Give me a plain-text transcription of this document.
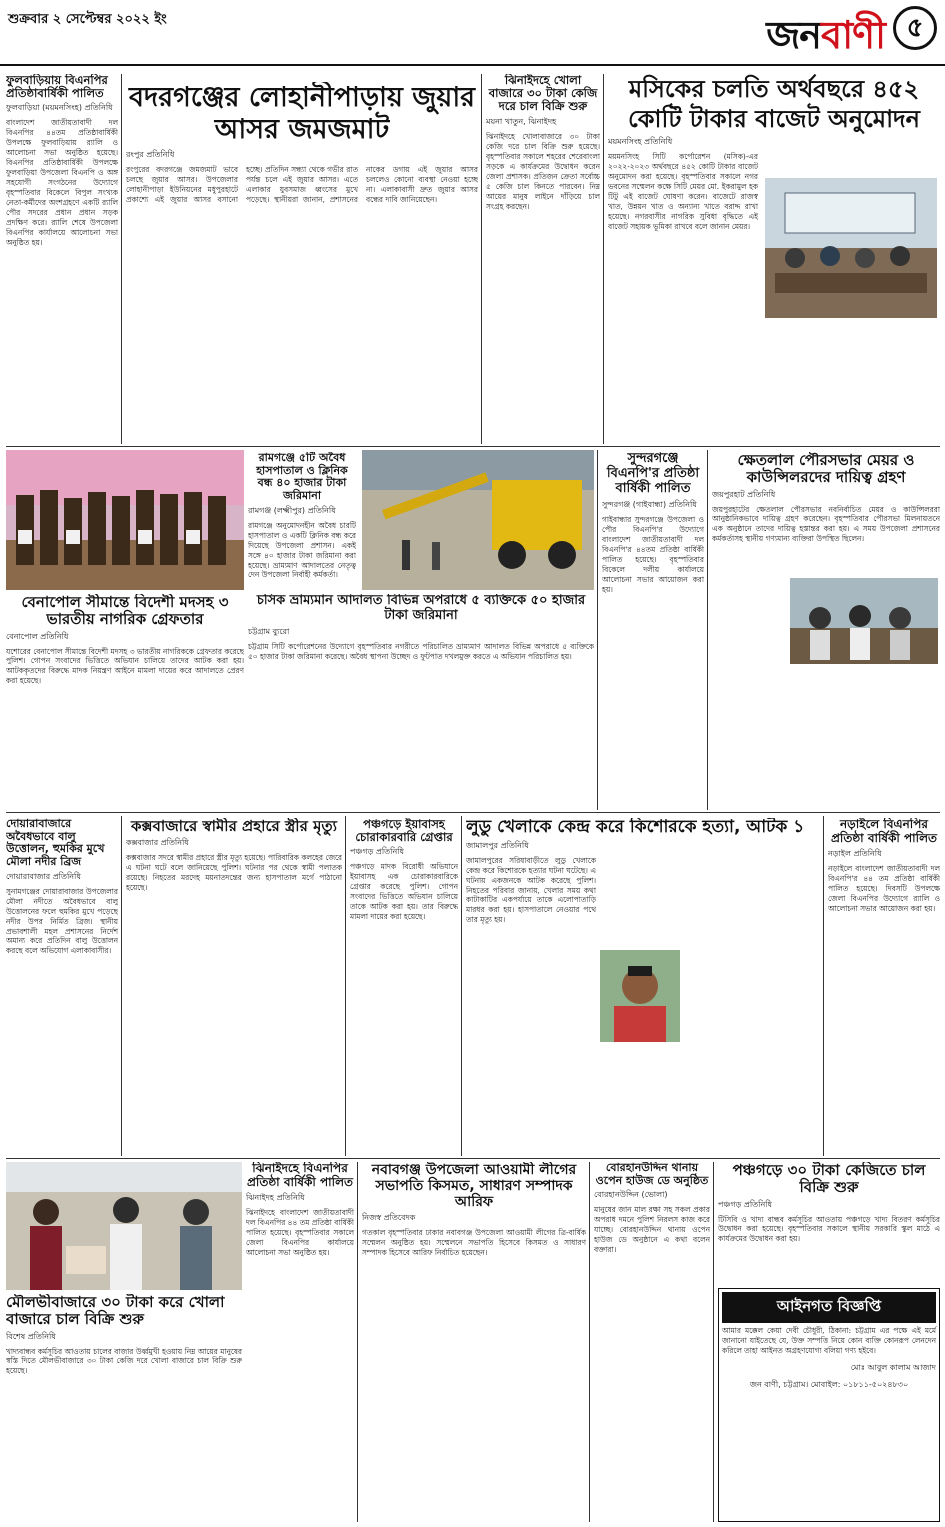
শুক্রবার ২ সেপ্টেম্বর ২০২২ ইং	জনবাণী ৫
ফুলবাড়িয়ায় বিএনপির প্রতিষ্ঠাবার্ষিকী পালিত
ফুলবাড়িয়া (ময়মনসিংহ) প্রতিনিধি
বাংলাদেশ জাতীয়তাবাদী দল বিএনপির ৪৪তম প্রতিষ্ঠাবার্ষিকী উপলক্ষে ফুলবাড়িয়ায় র‌্যালি ও আলোচনা সভা অনুষ্ঠিত হয়েছে। বিএনপির প্রতিষ্ঠাবার্ষিকী উপলক্ষে ফুলবাড়িয়া উপজেলা বিএনপি ও অঙ্গ সহযোগী সংগঠনের উদ্যোগে বৃহস্পতিবার বিকেলে বিপুল সংখ্যক নেতা-কর্মীদের অংশগ্রহণে একটি র‌্যালি পৌর সদরের প্রধান প্রধান সড়ক প্রদক্ষিণ করে। র‌্যালি শেষে উপজেলা বিএনপির কার্যালয়ে আলোচনা সভা অনুষ্ঠিত হয়।
বদরগঞ্জের লোহানীপাড়ায় জুয়ার আসর জমজমাট
রংপুর প্রতিনিধি
রংপুরের বদরগঞ্জে জমজমাট ভাবে চলছে জুয়ার আসর। উপজেলার লোহানীপাড়া ইউনিয়নের মধুপুরহাটে প্রকাশ্যে এই জুয়ার আসর বসানো হচ্ছে। প্রতিদিন সন্ধ্যা থেকে গভীর রাত পর্যন্ত চলে এই জুয়ার আসর। এতে এলাকার যুবসমাজ ধ্বংসের মুখে পড়েছে। স্থানীয়রা জানান, প্রশাসনের নাকের ডগায় এই জুয়ার আসর চললেও কোনো ব্যবস্থা নেওয়া হচ্ছে না। এলাকাবাসী দ্রুত জুয়ার আসর বন্ধের দাবি জানিয়েছেন।
ঝিনাইদহে খোলা বাজারে ৩০ টাকা কেজি দরে চাল বিক্রি শুরু
ময়না খাতুন, ঝিনাইদহ
ঝিনাইদহে খোলাবাজারে ৩০ টাকা কেজি দরে চাল বিক্রি শুরু হয়েছে। বৃহস্পতিবার সকালে শহরের শেরেবাংলা সড়কে এ কার্যক্রমের উদ্বোধন করেন জেলা প্রশাসক। প্রতিজন ক্রেতা সর্বোচ্চ ৫ কেজি চাল কিনতে পারবেন। নিম্ন আয়ের মানুষ লাইনে দাঁড়িয়ে চাল সংগ্রহ করছেন।
মসিকের চলতি অর্থবছরে ৪৫২ কোটি টাকার বাজেট অনুমোদন
ময়মনসিংহ প্রতিনিধি
ময়মনসিংহ সিটি কর্পোরেশন (মসিক)-এর ২০২২-২০২৩ অর্থবছরে ৪৫২ কোটি টাকার বাজেট অনুমোদন করা হয়েছে। বৃহস্পতিবার সকালে নগর ভবনের সম্মেলন কক্ষে সিটি মেয়র মো. ইকরামুল হক টিটু এই বাজেট ঘোষণা করেন। বাজেটে রাজস্ব খাত, উন্নয়ন খাত ও অন্যান্য খাতে বরাদ্দ রাখা হয়েছে। নগরবাসীর নাগরিক সুবিধা বৃদ্ধিতে এই বাজেট সহায়ক ভূমিকা রাখবে বলে জানান মেয়র।
রামগঞ্জে ৫টি অবৈধ হাসপাতাল ও ক্লিনিক বন্ধ ৪০ হাজার টাকা জরিমানা
রামগঞ্জ (লক্ষ্মীপুর) প্রতিনিধি
রামগঞ্জে অনুমোদনহীন অবৈধ চারটি হাসপাতাল ও একটি ক্লিনিক বন্ধ করে দিয়েছে উপজেলা প্রশাসন। একই সঙ্গে ৪০ হাজার টাকা জরিমানা করা হয়েছে। ভ্রাম্যমাণ আদালতের নেতৃত্ব দেন উপজেলা নির্বাহী কর্মকর্তা।
সুন্দরগঞ্জে বিএনপি'র প্রতিষ্ঠা বার্ষিকী পালিত
সুন্দরগঞ্জ (গাইবান্ধা) প্রতিনিধি
গাইবান্ধার সুন্দরগঞ্জে উপজেলা ও পৌর বিএনপি'র উদ্যোগে বাংলাদেশ জাতীয়তাবাদী দল বিএনপি'র ৪৪তম প্রতিষ্ঠা বার্ষিকী পালিত হয়েছে। বৃহস্পতিবার বিকেলে দলীয় কার্যালয়ে আলোচনা সভার আয়োজন করা হয়।
ক্ষেতলাল পৌরসভার মেয়র ও কাউন্সিলরদের দায়িত্ব গ্রহণ
জয়পুরহাট প্রতিনিধি
জয়পুরহাটের ক্ষেতলাল পৌরসভার নবনির্বাচিত মেয়র ও কাউন্সিলররা আনুষ্ঠানিকভাবে দায়িত্ব গ্রহণ করেছেন। বৃহস্পতিবার পৌরসভা মিলনায়তনে এক অনুষ্ঠানে তাদের দায়িত্ব হস্তান্তর করা হয়। এ সময় উপজেলা প্রশাসনের কর্মকর্তাসহ স্থানীয় গণ্যমান্য ব্যক্তিরা উপস্থিত ছিলেন।
বেনাপোল সীমান্তে বিদেশী মদসহ ৩ ভারতীয় নাগরিক গ্রেফতার
বেনাপোল প্রতিনিধি
যশোরের বেনাপোল সীমান্তে বিদেশী মদসহ ৩ ভারতীয় নাগরিককে গ্রেফতার করেছে পুলিশ। গোপন সংবাদের ভিত্তিতে অভিযান চালিয়ে তাদের আটক করা হয়। আটককৃতদের বিরুদ্ধে মাদক নিয়ন্ত্রণ আইনে মামলা দায়ের করে আদালতে প্রেরণ করা হয়েছে।
চসিক ভ্রাম্যমান আদালত বিভিন্ন অপরাধে ৫ ব্যক্তিকে ৫০ হাজার টাকা জরিমানা
চট্টগ্রাম ব্যুরো
চট্টগ্রাম সিটি কর্পোরেশনের উদ্যোগে বৃহস্পতিবার নগরীতে পরিচালিত ভ্রাম্যমাণ আদালত বিভিন্ন অপরাধে ৫ ব্যক্তিকে ৫০ হাজার টাকা জরিমানা করেছে। অবৈধ স্থাপনা উচ্ছেদ ও ফুটপাত দখলমুক্ত করতে এ অভিযান পরিচালিত হয়।
দোয়ারাবাজারে অবৈধভাবে বালু উত্তোলন, হুমকির মুখে মৌলা নদীর ব্রিজ
দোয়ারাবাজার প্রতিনিধি
সুনামগঞ্জের দোয়ারাবাজার উপজেলার মৌলা নদীতে অবৈধভাবে বালু উত্তোলনের ফলে হুমকির মুখে পড়েছে নদীর উপর নির্মিত ব্রিজ। স্থানীয় প্রভাবশালী মহল প্রশাসনের নির্দেশ অমান্য করে প্রতিদিন বালু উত্তোলন করছে বলে অভিযোগ এলাকাবাসীর।
কক্সবাজারে স্বামীর প্রহারে স্ত্রীর মৃত্যু
কক্সবাজার প্রতিনিধি
কক্সবাজার সদরে স্বামীর প্রহারে স্ত্রীর মৃত্যু হয়েছে। পারিবারিক কলহের জেরে এ ঘটনা ঘটে বলে জানিয়েছে পুলিশ। ঘটনার পর থেকে স্বামী পলাতক রয়েছে। নিহতের মরদেহ ময়নাতদন্তের জন্য হাসপাতাল মর্গে পাঠানো হয়েছে।
পঞ্চগড়ে ইয়াবাসহ চোরাকারবারি গ্রেপ্তার
পঞ্চগড় প্রতিনিধি
পঞ্চগড়ে মাদক বিরোধী অভিযানে ইয়াবাসহ এক চোরাকারবারিকে গ্রেপ্তার করেছে পুলিশ। গোপন সংবাদের ভিত্তিতে অভিযান চালিয়ে তাকে আটক করা হয়। তার বিরুদ্ধে মামলা দায়ের করা হয়েছে।
লুডু খেলাকে কেন্দ্র করে কিশোরকে হত্যা, আটক ১
জামালপুর প্রতিনিধি
জামালপুরের সরিষাবাড়ীতে লুডু খেলাকে কেন্দ্র করে কিশোরকে হত্যার ঘটনা ঘটেছে। এ ঘটনায় একজনকে আটক করেছে পুলিশ। নিহতের পরিবার জানায়, খেলার সময় কথা কাটাকাটির একপর্যায়ে তাকে এলোপাতাড়ি মারধর করা হয়। হাসপাতালে নেওয়ার পথে তার মৃত্যু হয়।
নড়াইলে বিএনপির প্রতিষ্ঠা বার্ষিকী পালিত
নড়াইল প্রতিনিধি
নড়াইলে বাংলাদেশ জাতীয়তাবাদী দল বিএনপি'র ৪৪ তম প্রতিষ্ঠা বার্ষিকী পালিত হয়েছে। দিবসটি উপলক্ষে জেলা বিএনপির উদ্যোগে র‌্যালি ও আলোচনা সভার আয়োজন করা হয়।
ঝিনাইদহে বিএনপির প্রতিষ্ঠা বার্ষিকী পালিত
ঝিনাইদহ প্রতিনিধি
ঝিনাইদহে বাংলাদেশ জাতীয়তাবাদী দল বিএনপির ৪৪ তম প্রতিষ্ঠা বার্ষিকী পালিত হয়েছে। বৃহস্পতিবার সকালে জেলা বিএনপির কার্যালয়ে আলোচনা সভা অনুষ্ঠিত হয়।
নবাবগঞ্জ উপজেলা আওয়ামী লীগের সভাপতি কিসমত, সাধারণ সম্পাদক আরিফ
নিজস্ব প্রতিবেদক
গতকাল বৃহস্পতিবার ঢাকার নবাবগঞ্জ উপজেলা আওয়ামী লীগের ত্রি-বার্ষিক সম্মেলন অনুষ্ঠিত হয়। সম্মেলনে সভাপতি হিসেবে কিসমত ও সাধারণ সম্পাদক হিসেবে আরিফ নির্বাচিত হয়েছেন।
বোরহানউদ্দিন থানায় ওপেন হাউজ ডে অনুষ্ঠিত
বোরহানউদ্দিন (ভোলা)
মানুষের জান মাল রক্ষা সহ সকল প্রকার অপরাধ দমনে পুলিশ নিরলস কাজ করে যাচ্ছে। বোরহানউদ্দিন থানায় ওপেন হাউজ ডে অনুষ্ঠানে এ কথা বলেন বক্তারা।
পঞ্চগড়ে ৩০ টাকা কেজিতে চাল বিক্রি শুরু
পঞ্চগড় প্রতিনিধি
টিসিবি ও খাদ্য বান্ধব কর্মসূচির আওতায় পঞ্চগড়ে খাদ্য বিতরণ কর্মসূচির উদ্বোধন করা হয়েছে। বৃহস্পতিবার সকালে স্থানীয় সরকারি স্কুল মাঠে এ কার্যক্রমের উদ্বোধন করা হয়।
আইনগত বিজ্ঞপ্তি
আমার মক্কেল কেয়া দেবী চৌধুরী, ঠিকানা: চট্টগ্রাম এর পক্ষে এই মর্মে জানানো যাইতেছে যে, উক্ত সম্পত্তি নিয়ে কোন ব্যক্তি কোনরূপ লেনদেন করিলে তাহা আইনত অগ্রহণযোগ্য বলিয়া গণ্য হইবে।
মোঃ আবুল কালাম আজাদ
জন বাণী, চট্টগ্রাম। মোবাইল: ০১৮১১-৫০২৪৮৩০
মৌলভীবাজারে ৩০ টাকা করে খোলা বাজারে চাল বিক্রি শুরু
বিশেষ প্রতিনিধি
খাদ্যবান্ধব কর্মসূচির আওতায় চালের বাজার উর্ধ্বমুখী হওয়ায় নিম্ন আয়ের মানুষের স্বস্তি দিতে মৌলভীবাজারে ৩০ টাকা কেজি দরে খোলা বাজারে চাল বিক্রি শুরু হয়েছে।
